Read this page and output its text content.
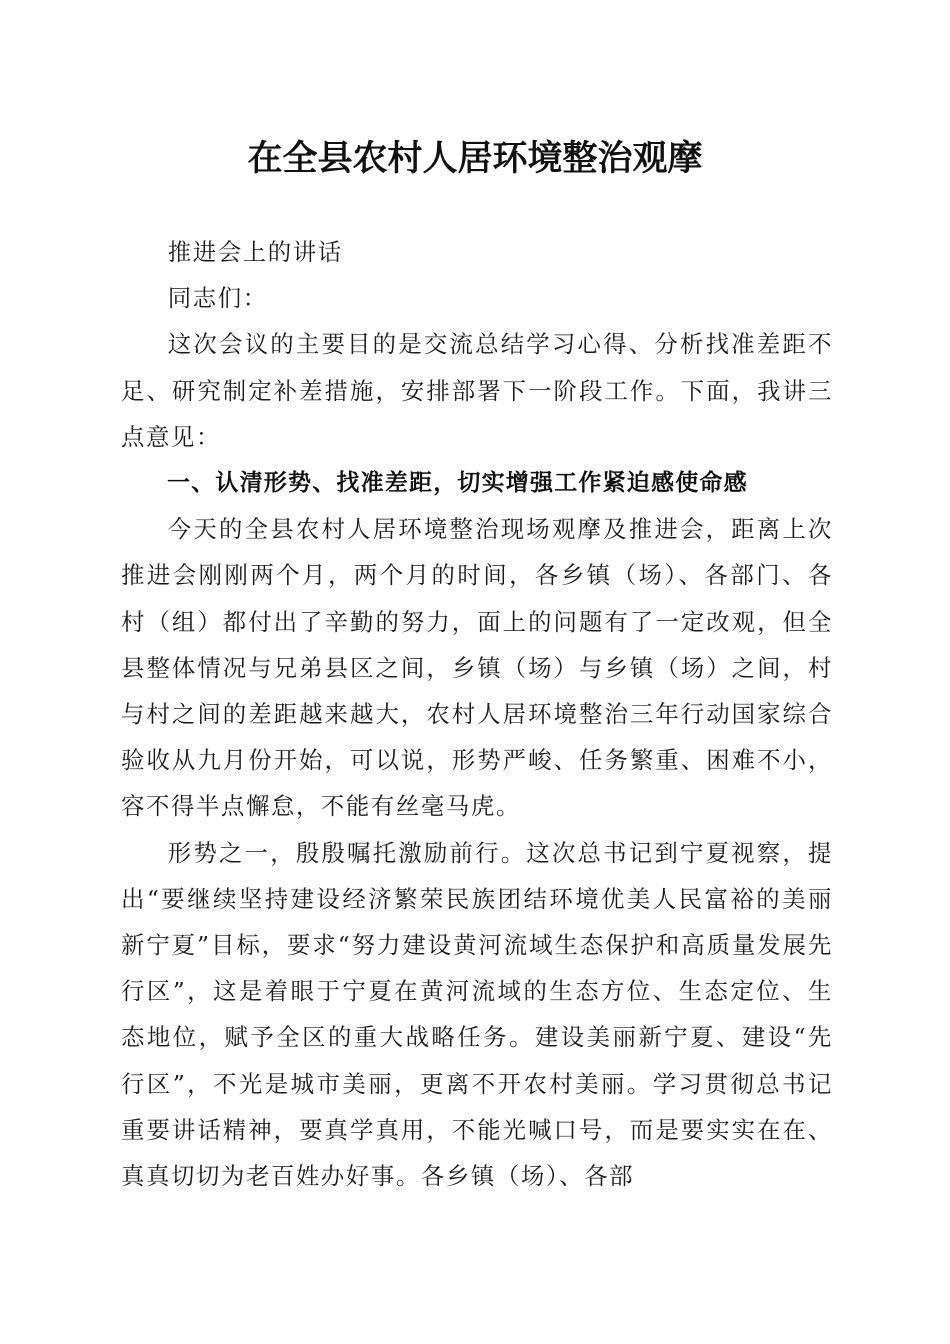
在全县农村人居环境整治观摩

推进会上的讲话

同志们：

这次会议的主要目的是交流总结学习心得、分析找准差距不足、研究制定补差措施，安排部署下一阶段工作。下面，我讲三点意见：

一、认清形势、找准差距，切实增强工作紧迫感使命感

今天的全县农村人居环境整治现场观摩及推进会，距离上次推进会刚刚两个月，两个月的时间，各乡镇（场）、各部门、各村（组）都付出了辛勤的努力，面上的问题有了一定改观，但全县整体情况与兄弟县区之间，乡镇（场）与乡镇（场）之间，村与村之间的差距越来越大，农村人居环境整治三年行动国家综合验收从九月份开始，可以说，形势严峻、任务繁重、困难不小，容不得半点懈怠，不能有丝毫马虎。

形势之一，殷殷嘱托激励前行。这次总书记到宁夏视察，提出“要继续坚持建设经济繁荣民族团结环境优美人民富裕的美丽新宁夏”目标，要求“努力建设黄河流域生态保护和高质量发展先行区”，这是着眼于宁夏在黄河流域的生态方位、生态定位、生态地位，赋予全区的重大战略任务。建设美丽新宁夏、建设“先行区”，不光是城市美丽，更离不开农村美丽。学习贯彻总书记重要讲话精神，要真学真用，不能光喊口号，而是要实实在在、真真切切为老百姓办好事。各乡镇（场）、各部
